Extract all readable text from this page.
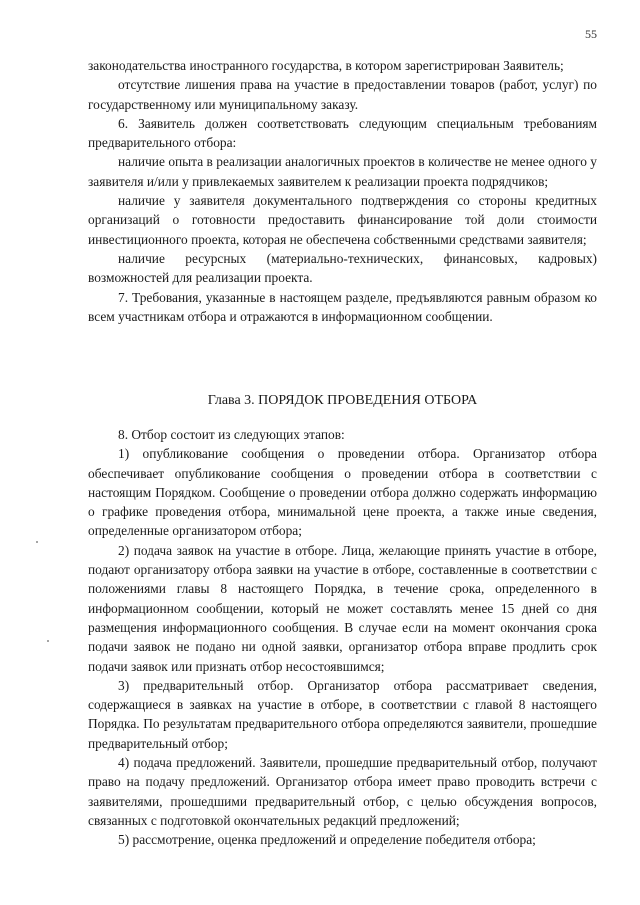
55

законодательства иностранного государства, в котором зарегистрирован Заявитель;

отсутствие лишения права на участие в предоставлении товаров (работ, услуг) по государственному или муниципальному заказу.

6. Заявитель должен соответствовать следующим специальным требованиям предварительного отбора:

наличие опыта в реализации аналогичных проектов в количестве не менее одного у заявителя и/или у привлекаемых заявителем к реализации проекта подрядчиков;

наличие у заявителя документального подтверждения со стороны кредитных организаций о готовности предоставить финансирование той доли стоимости инвестиционного проекта, которая не обеспечена собственными средствами заявителя;

наличие ресурсных (материально-технических, финансовых, кадровых) возможностей для реализации проекта.

7. Требования, указанные в настоящем разделе, предъявляются равным образом ко всем участникам отбора и отражаются в информационном сообщении.

Глава 3. ПОРЯДОК ПРОВЕДЕНИЯ ОТБОРА

8. Отбор состоит из следующих этапов:

1) опубликование сообщения о проведении отбора. Организатор отбора обеспечивает опубликование сообщения о проведении отбора в соответствии с настоящим Порядком. Сообщение о проведении отбора должно содержать информацию о графике проведения отбора, минимальной цене проекта, а также иные сведения, определенные организатором отбора;

2) подача заявок на участие в отборе. Лица, желающие принять участие в отборе, подают организатору отбора заявки на участие в отборе, составленные в соответствии с положениями главы 8 настоящего Порядка, в течение срока, определенного в информационном сообщении, который не может составлять менее 15 дней со дня размещения информационного сообщения. В случае если на момент окончания срока подачи заявок не подано ни одной заявки, организатор отбора вправе продлить срок подачи заявок или признать отбор несостоявшимся;

3) предварительный отбор. Организатор отбора рассматривает сведения, содержащиеся в заявках на участие в отборе, в соответствии с главой 8 настоящего Порядка. По результатам предварительного отбора определяются заявители, прошедшие предварительный отбор;

4) подача предложений. Заявители, прошедшие предварительный отбор, получают право на подачу предложений. Организатор отбора имеет право проводить встречи с заявителями, прошедшими предварительный отбор, с целью обсуждения вопросов, связанных с подготовкой окончательных редакций предложений;

5) рассмотрение, оценка предложений и определение победителя отбора;
